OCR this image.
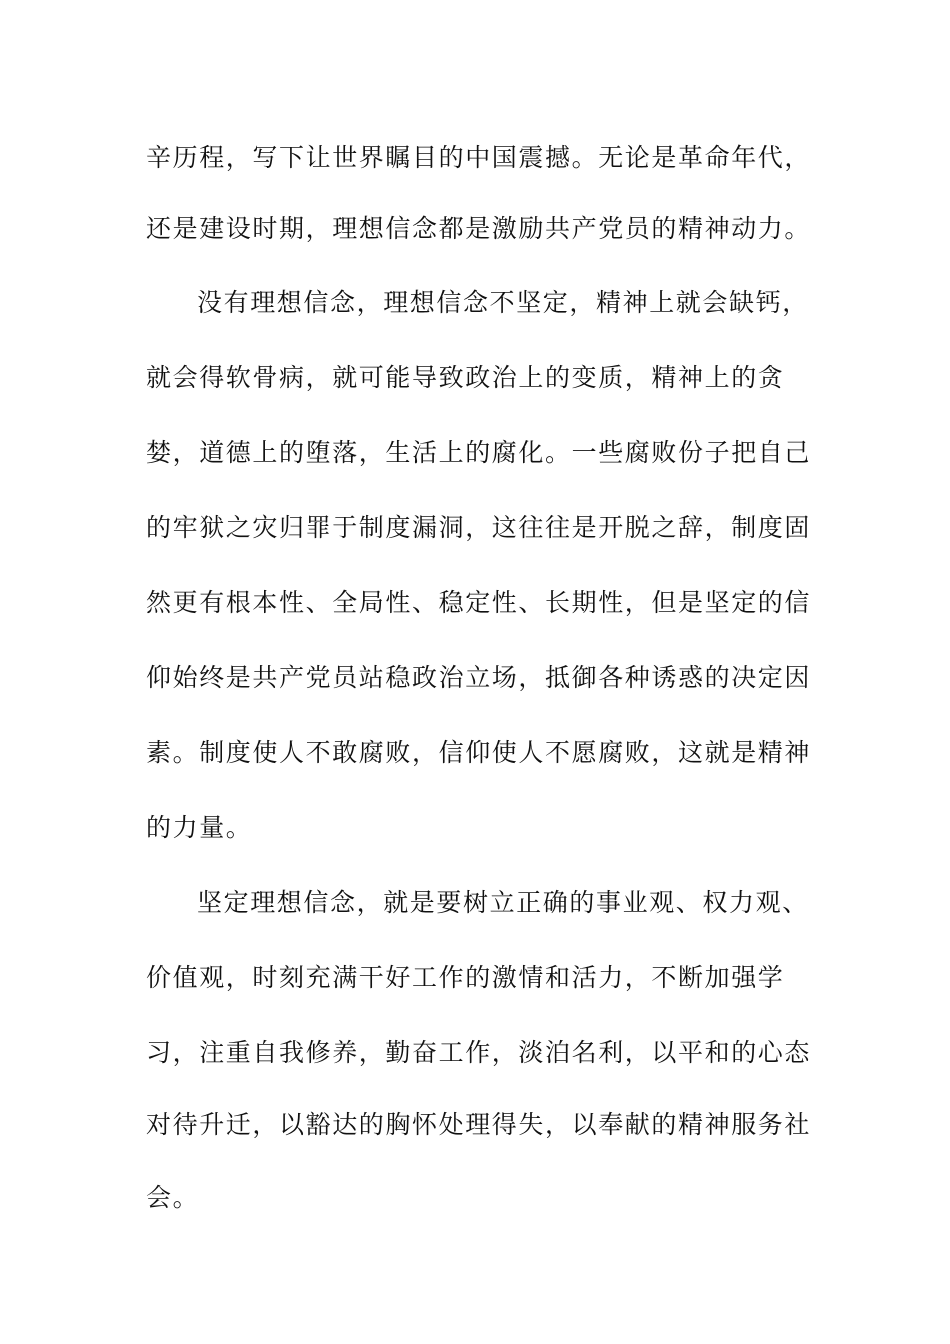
辛历程，写下让世界瞩目的中国震撼。无论是革命年代，
还是建设时期，理想信念都是激励共产党员的精神动力。
没有理想信念，理想信念不坚定，精神上就会缺钙，
就会得软骨病，就可能导致政治上的变质，精神上的贪
婪，道德上的堕落，生活上的腐化。一些腐败份子把自己
的牢狱之灾归罪于制度漏洞，这往往是开脱之辞，制度固
然更有根本性、全局性、稳定性、长期性，但是坚定的信
仰始终是共产党员站稳政治立场，抵御各种诱惑的决定因
素。制度使人不敢腐败，信仰使人不愿腐败，这就是精神
的力量。
坚定理想信念，就是要树立正确的事业观、权力观、
价值观，时刻充满干好工作的激情和活力，不断加强学
习，注重自我修养，勤奋工作，淡泊名利，以平和的心态
对待升迁，以豁达的胸怀处理得失，以奉献的精神服务社
会。
